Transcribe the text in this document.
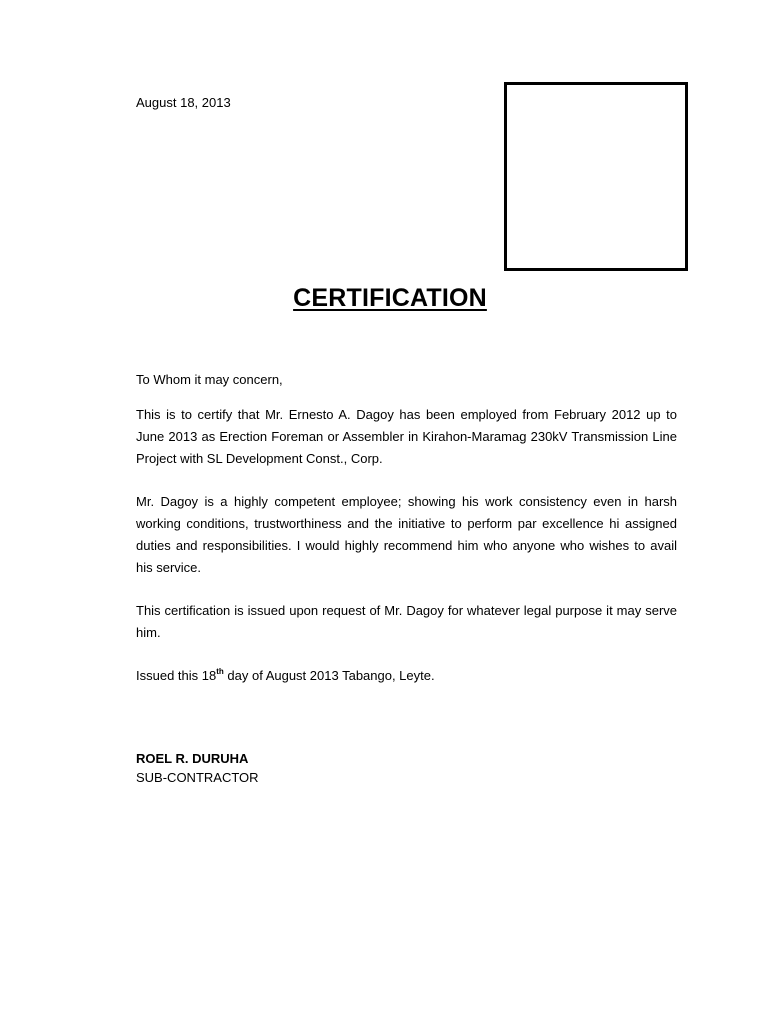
August 18, 2013
CERTIFICATION
To Whom it may concern,
This is to certify that Mr. Ernesto A. Dagoy has been employed from February 2012 up to June 2013 as Erection Foreman or Assembler in Kirahon-Maramag 230kV Transmission Line Project with SL Development Const., Corp.
Mr. Dagoy is a highly competent employee; showing his work consistency even in harsh working conditions, trustworthiness and the initiative to perform par excellence hi assigned duties and responsibilities. I would highly recommend him who anyone who wishes to avail his service.
This certification is issued upon request of Mr. Dagoy for whatever legal purpose it may serve him.
Issued this 18th day of August 2013 Tabango, Leyte.
ROEL R. DURUHA
SUB-CONTRACTOR
